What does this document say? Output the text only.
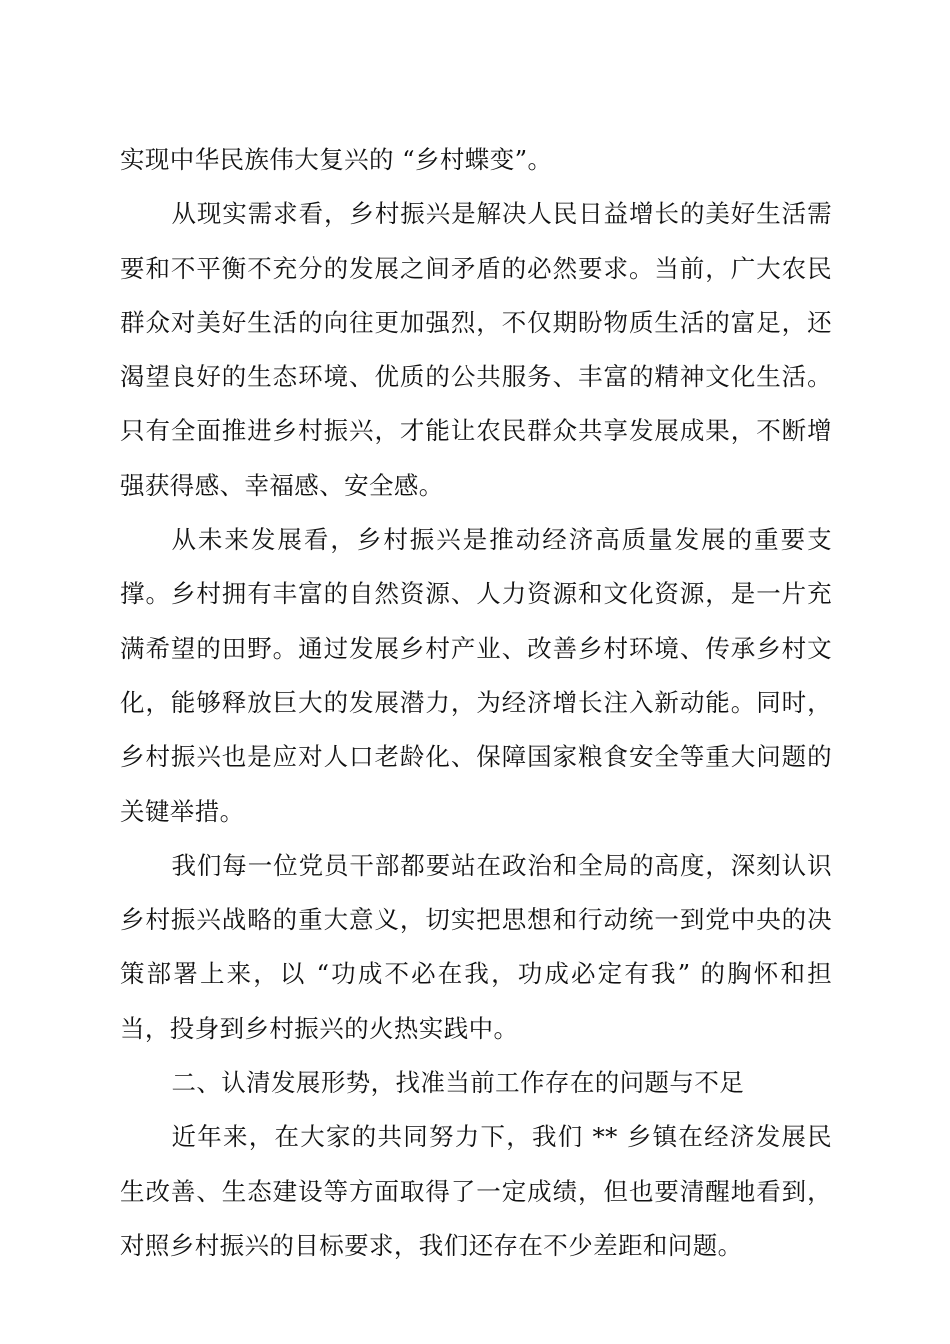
实现中华民族伟大复兴的 “乡村蝶变”。

从现实需求看，乡村振兴是解决人民日益增长的美好生活需要和不平衡不充分的发展之间矛盾的必然要求。当前，广大农民群众对美好生活的向往更加强烈，不仅期盼物质生活的富足，还渴望良好的生态环境、优质的公共服务、丰富的精神文化生活。只有全面推进乡村振兴，才能让农民群众共享发展成果，不断增强获得感、幸福感、安全感。

从未来发展看，乡村振兴是推动经济高质量发展的重要支撑。乡村拥有丰富的自然资源、人力资源和文化资源，是一片充满希望的田野。通过发展乡村产业、改善乡村环境、传承乡村文化，能够释放巨大的发展潜力，为经济增长注入新动能。同时，乡村振兴也是应对人口老龄化、保障国家粮食安全等重大问题的关键举措。

我们每一位党员干部都要站在政治和全局的高度，深刻认识乡村振兴战略的重大意义，切实把思想和行动统一到党中央的决策部署上来，以 “功成不必在我，功成必定有我” 的胸怀和担当，投身到乡村振兴的火热实践中。

二、认清发展形势，找准当前工作存在的问题与不足

近年来，在大家的共同努力下，我们 ** 乡镇在经济发展民生改善、生态建设等方面取得了一定成绩，但也要清醒地看到，对照乡村振兴的目标要求，我们还存在不少差距和问题。
